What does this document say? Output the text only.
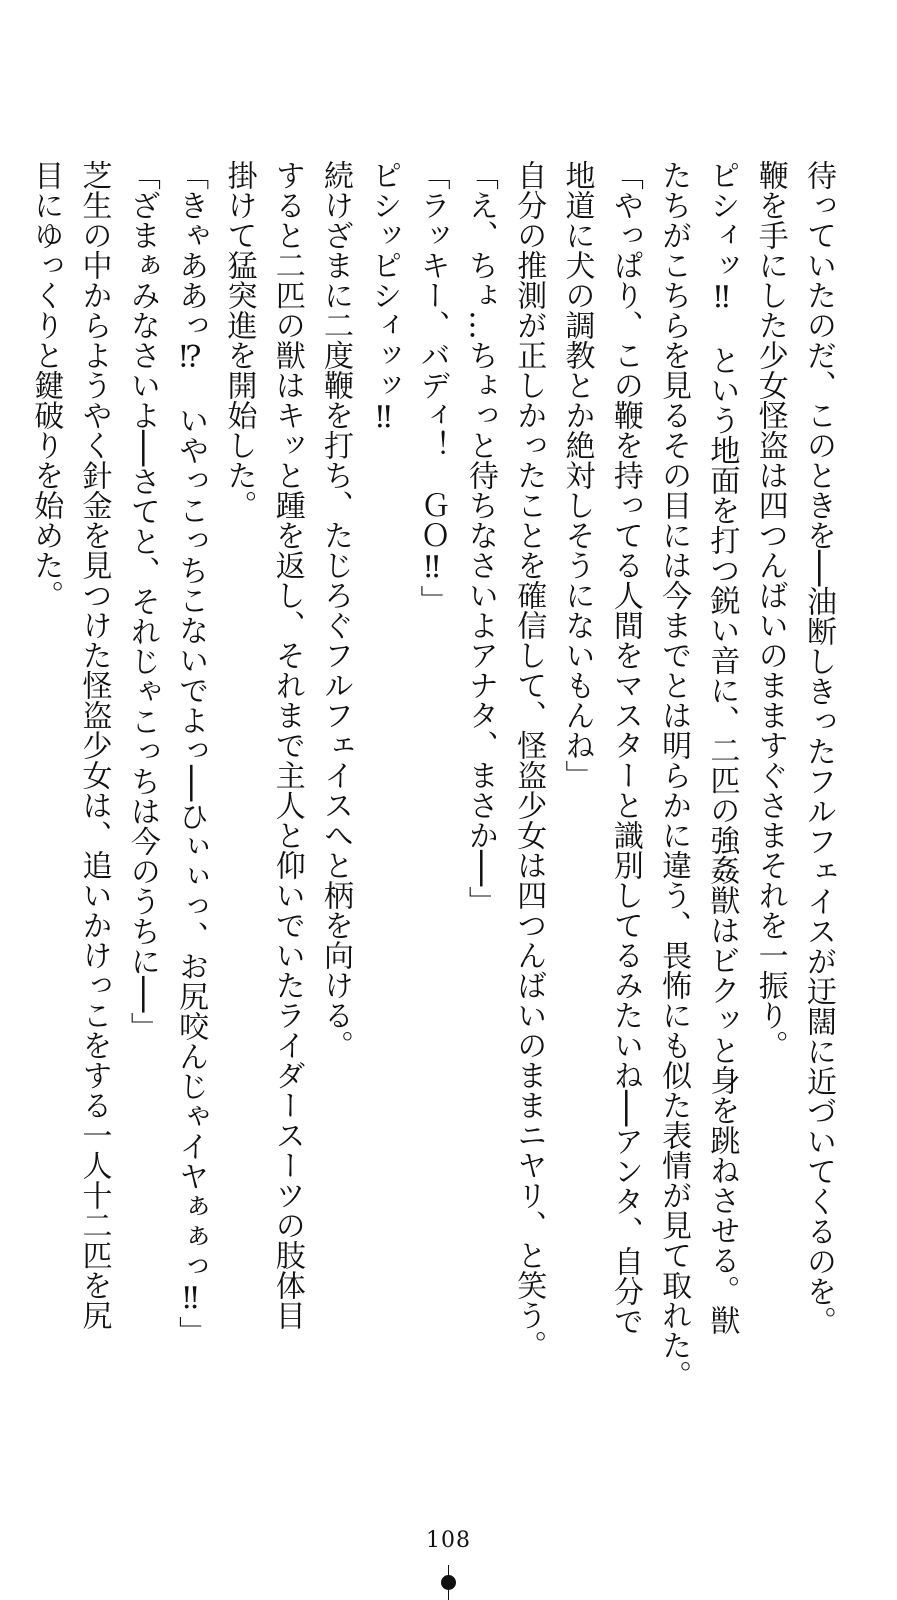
待っていたのだ、このときを──油断しきったフルフェイスが迂闊に近づいてくるのを。
鞭を手にした少女怪盗は四つんばいのまますぐさまそれを一振り。
ピシィッ‼　という地面を打つ鋭い音に、二匹の強姦獣はビクッと身を跳ねさせる。獣
たちがこちらを見るその目には今までとは明らかに違う、畏怖にも似た表情が見て取れた。
「やっぱり、この鞭を持ってる人間をマスターと識別してるみたいね──アンタ、自分で
地道に犬の調教とか絶対しそうにないもんね」
自分の推測が正しかったことを確信して、怪盗少女は四つんばいのままニヤリ、と笑う。
「え、ちょ…ちょっと待ちなさいよアナタ、まさか──」
「ラッキー、バディ！　ＧＯ‼」
ピシッピシィッッ‼
続けざまに二度鞭を打ち、たじろぐフルフェイスへと柄を向ける。
すると二匹の獣はキッと踵を返し、それまで主人と仰いでいたライダースーツの肢体目
掛けて猛突進を開始した。
「きゃああっ⁉　いやっこっちこないでよっ──ひぃぃっ、お尻咬んじゃイヤぁぁっ‼」
「ざまぁみなさいよ──さてと、それじゃこっちは今のうちに──」
芝生の中からようやく針金を見つけた怪盗少女は、追いかけっこをする一人十二匹を尻
目にゆっくりと鍵破りを始めた。
108
